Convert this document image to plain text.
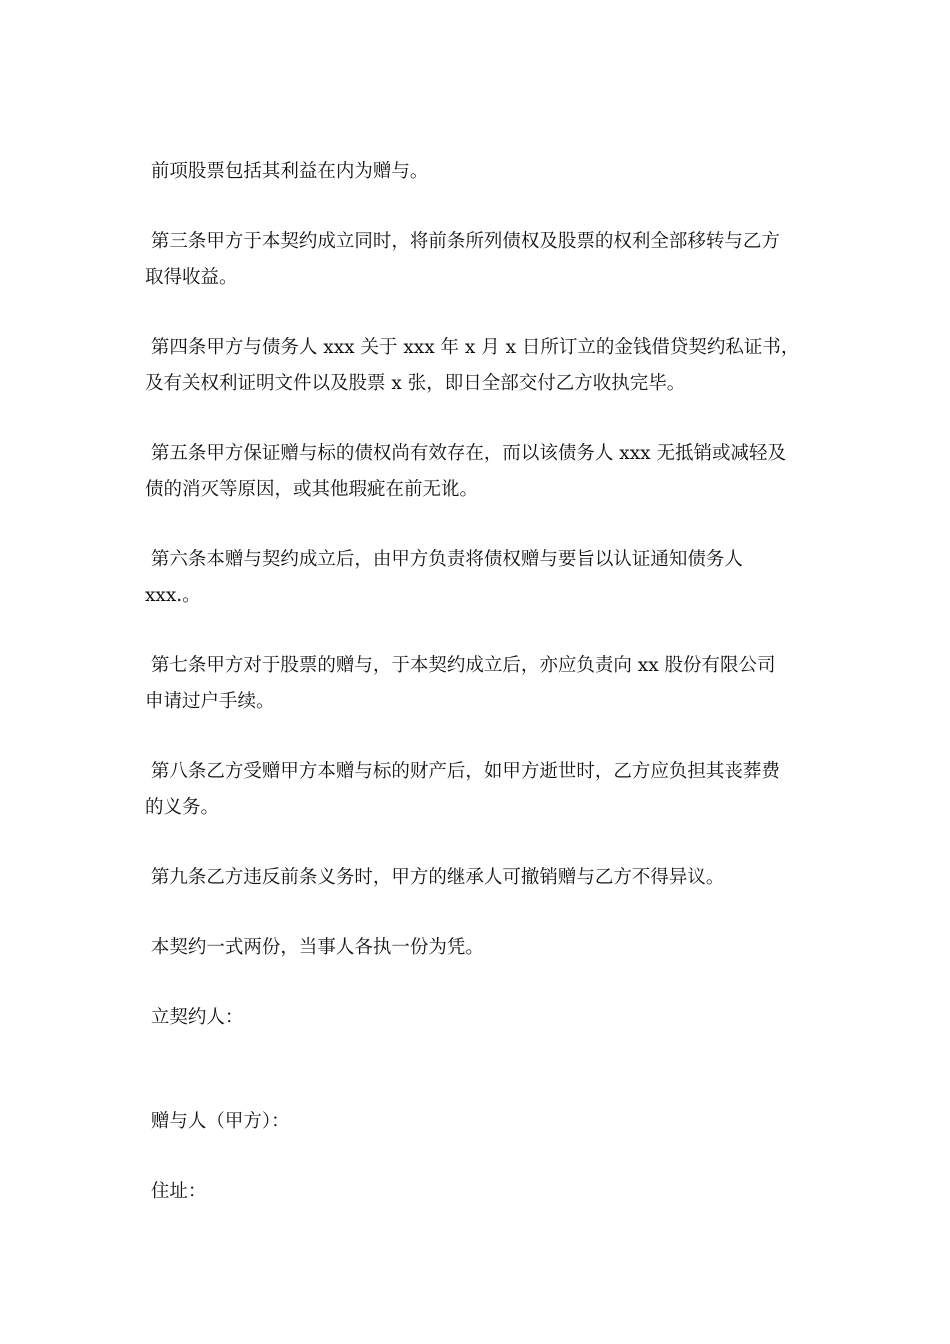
前项股票包括其利益在内为赠与。
第三条甲方于本契约成立同时，将前条所列债权及股票的权利全部移转与乙方
取得收益。
第四条甲方与债务人 xxx 关于 xxx 年 x 月 x 日所订立的金钱借贷契约私证书，
及有关权利证明文件以及股票 x 张，即日全部交付乙方收执完毕。
第五条甲方保证赠与标的债权尚有效存在，而以该债务人 xxx 无抵销或减轻及
债的消灭等原因，或其他瑕疵在前无讹。
第六条本赠与契约成立后，由甲方负责将债权赠与要旨以认证通知债务人
xxx.。
第七条甲方对于股票的赠与，于本契约成立后，亦应负责向 xx 股份有限公司
申请过户手续。
第八条乙方受赠甲方本赠与标的财产后，如甲方逝世时，乙方应负担其丧葬费
的义务。
第九条乙方违反前条义务时，甲方的继承人可撤销赠与乙方不得异议。
本契约一式两份，当事人各执一份为凭。
立契约人：
赠与人（甲方）：
住址：
